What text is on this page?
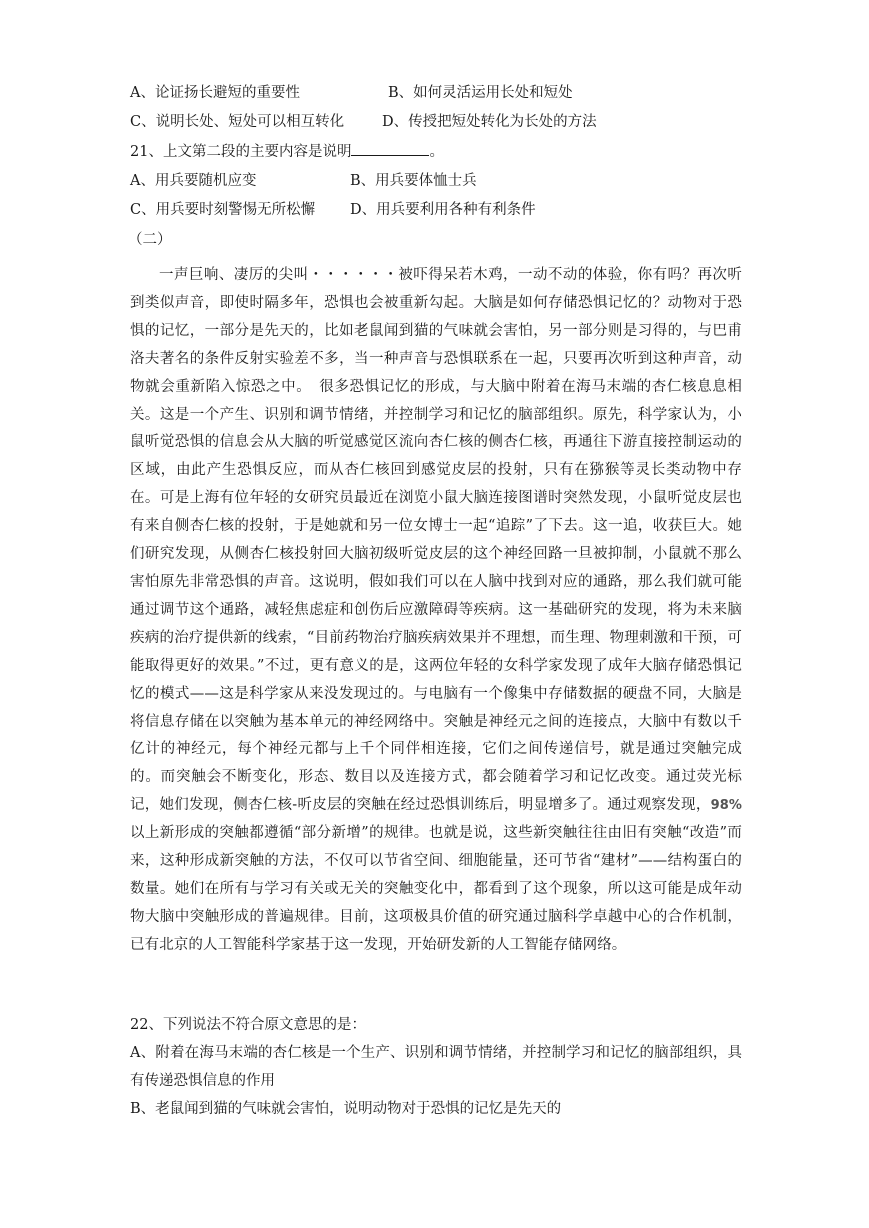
A、论证扬长避短的重要性	B、如何灵活运用长处和短处
C、说明长处、短处可以相互转化	D、传授把短处转化为长处的方法
21、上文第二段的主要内容是说明	。
A、用兵要随机应变	B、用兵要体恤士兵
C、用兵要时刻警惕无所松懈 D、用兵要利用各种有利条件
（二）
一声巨响、凄厉的尖叫・・・・・・被吓得呆若木鸡，一动不动的体验，你有吗？再次听到类似声音，即使时隔多年，恐惧也会被重新勾起。大脑是如何存储恐惧记忆的？动物对于恐惧的记忆，一部分是先天的，比如老鼠闻到猫的气味就会害怕，另一部分则是习得的，与巴甫洛夫著名的条件反射实验差不多，当一种声音与恐惧联系在一起，只要再次听到这种声音，动物就会重新陷入惊恐之中。　很多恐惧记忆的形成，与大脑中附着在海马末端的杏仁核息息相关。这是一个产生、识别和调节情绪，并控制学习和记忆的脑部组织。原先，科学家认为，小鼠听觉恐惧的信息会从大脑的听觉感觉区流向杏仁核的侧杏仁核，再通往下游直接控制运动的区域，由此产生恐惧反应，而从杏仁核回到感觉皮层的投射，只有在猕猴等灵长类动物中存在。可是上海有位年轻的女研究员最近在浏览小鼠大脑连接图谱时突然发现，小鼠听觉皮层也有来自侧杏仁核的投射，于是她就和另一位女博士一起“追踪”了下去。这一追，收获巨大。她们研究发现，从侧杏仁核投射回大脑初级听觉皮层的这个神经回路一旦被抑制，小鼠就不那么害怕原先非常恐惧的声音。这说明，假如我们可以在人脑中找到对应的通路，那么我们就可能通过调节这个通路，减轻焦虑症和创伤后应激障碍等疾病。这一基础研究的发现，将为未来脑疾病的治疗提供新的线索，“目前药物治疗脑疾病效果并不理想，而生理、物理刺激和干预，可能取得更好的效果。”不过，更有意义的是，这两位年轻的女科学家发现了成年大脑存储恐惧记忆的模式——这是科学家从来没发现过的。与电脑有一个像集中存储数据的硬盘不同，大脑是将信息存储在以突触为基本单元的神经网络中。突触是神经元之间的连接点，大脑中有数以千亿计的神经元，每个神经元都与上千个同伴相连接，它们之间传递信号，就是通过突触完成的。而突触会不断变化，形态、数目以及连接方式，都会随着学习和记忆改变。通过荧光标记，她们发现，侧杏仁核-听皮层的突触在经过恐惧训练后，明显增多了。通过观察发现，98%以上新形成的突触都遵循“部分新增”的规律。也就是说，这些新突触往往由旧有突触“改造”而来，这种形成新突触的方法，不仅可以节省空间、细胞能量，还可节省“建材”——结构蛋白的数量。她们在所有与学习有关或无关的突触变化中，都看到了这个现象，所以这可能是成年动物大脑中突触形成的普遍规律。目前，这项极具价值的研究通过脑科学卓越中心的合作机制，已有北京的人工智能科学家基于这一发现，开始研发新的人工智能存储网络。
22、下列说法不符合原文意思的是：
A、附着在海马末端的杏仁核是一个生产、识别和调节情绪，并控制学习和记忆的脑部组织，具有传递恐惧信息的作用
B、老鼠闻到猫的气味就会害怕，说明动物对于恐惧的记忆是先天的
